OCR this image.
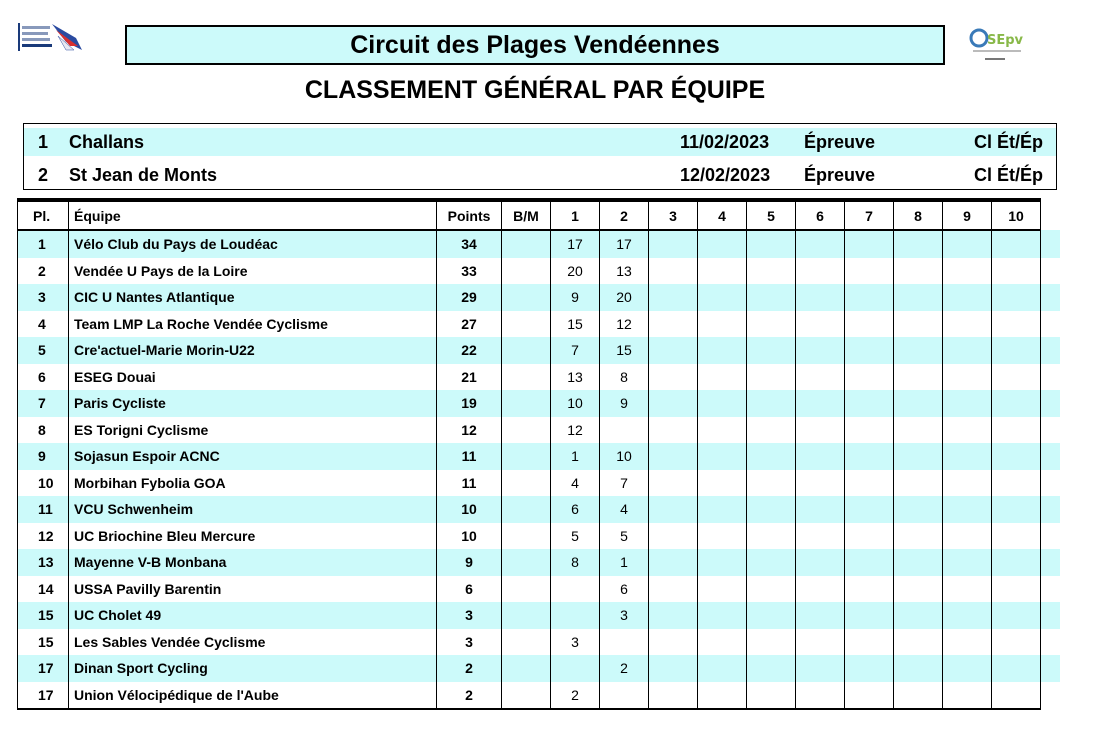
SEpv
Circuit des Plages Vendéennes
CLASSEMENT GÉNÉRAL PAR ÉQUIPE
1 Challans	11/02/2023 Épreuve	Cl Ét/Ép
2 St Jean de Monts	12/02/2023 Épreuve	Cl Ét/Ép
Pl.	Équipe	Points	B/M	1	2	3	4	5	6	7	8	9	10	
1	Vélo Club du Pays de Loudéac	34		17	17									
2	Vendée U Pays de la Loire	33		20	13									
3	CIC U Nantes Atlantique	29		9	20									
4	Team LMP La Roche Vendée Cyclisme	27		15	12									
5	Cre'actuel-Marie Morin-U22	22		7	15									
6	ESEG Douai	21		13	8									
7	Paris Cycliste	19		10	9									
8	ES Torigni Cyclisme	12		12										
9	Sojasun Espoir ACNC	11		1	10									
10	Morbihan Fybolia GOA	11		4	7									
11	VCU Schwenheim	10		6	4									
12	UC Briochine Bleu Mercure	10		5	5									
13	Mayenne V-B Monbana	9		8	1									
14	USSA Pavilly Barentin	6			6									
15	UC Cholet 49	3			3									
15	Les Sables Vendée Cyclisme	3		3										
17	Dinan Sport Cycling	2			2									
17	Union Vélocipédique de l'Aube	2		2										
